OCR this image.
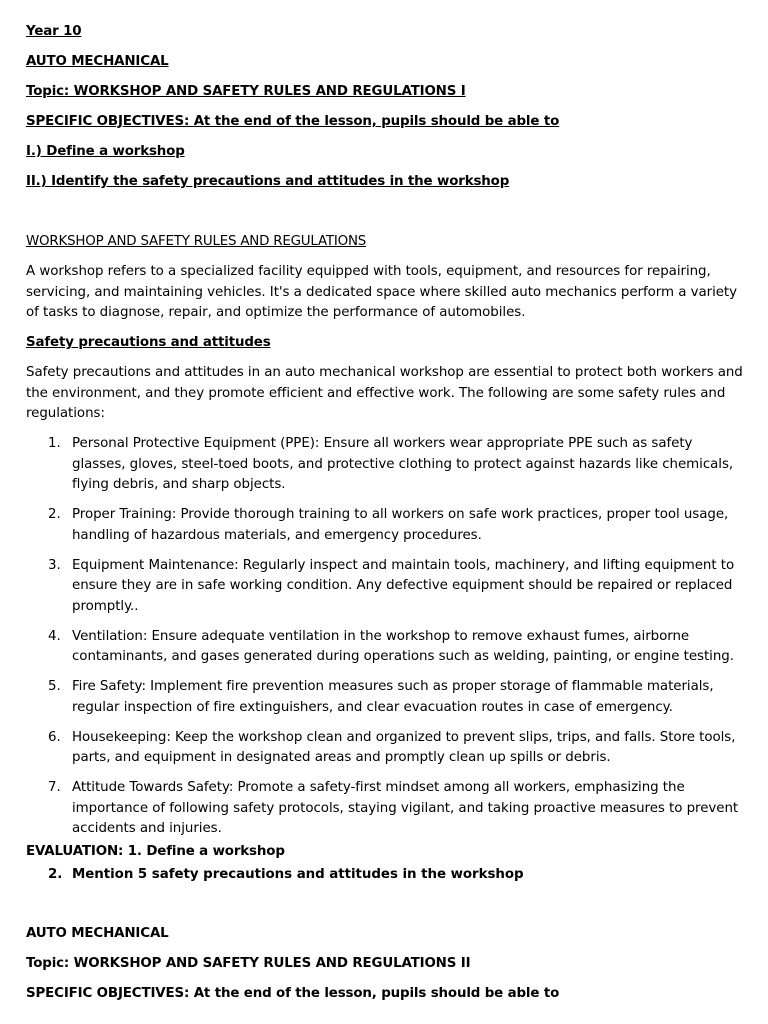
Year 10
AUTO MECHANICAL
Topic: WORKSHOP AND SAFETY RULES AND REGULATIONS I
SPECIFIC OBJECTIVES: At the end of the lesson, pupils should be able to
I.) Define a workshop
II.) Identify the safety precautions and attitudes in the workshop
WORKSHOP AND SAFETY RULES AND REGULATIONS
A workshop refers to a specialized facility equipped with tools, equipment, and resources for repairing, servicing, and maintaining vehicles. It's a dedicated space where skilled auto mechanics perform a variety of tasks to diagnose, repair, and optimize the performance of automobiles.
Safety precautions and attitudes
Safety precautions and attitudes in an auto mechanical workshop are essential to protect both workers and the environment, and they promote efficient and effective work. The following are some safety rules and regulations:
1. Personal Protective Equipment (PPE): Ensure all workers wear appropriate PPE such as safety glasses, gloves, steel-toed boots, and protective clothing to protect against hazards like chemicals, flying debris, and sharp objects.
2. Proper Training: Provide thorough training to all workers on safe work practices, proper tool usage, handling of hazardous materials, and emergency procedures.
3. Equipment Maintenance: Regularly inspect and maintain tools, machinery, and lifting equipment to ensure they are in safe working condition. Any defective equipment should be repaired or replaced promptly..
4. Ventilation: Ensure adequate ventilation in the workshop to remove exhaust fumes, airborne contaminants, and gases generated during operations such as welding, painting, or engine testing.
5. Fire Safety: Implement fire prevention measures such as proper storage of flammable materials, regular inspection of fire extinguishers, and clear evacuation routes in case of emergency.
6. Housekeeping: Keep the workshop clean and organized to prevent slips, trips, and falls. Store tools, parts, and equipment in designated areas and promptly clean up spills or debris.
7. Attitude Towards Safety: Promote a safety-first mindset among all workers, emphasizing the importance of following safety protocols, staying vigilant, and taking proactive measures to prevent accidents and injuries.
EVALUATION: 1. Define a workshop
2. Mention 5 safety precautions and attitudes in the workshop
AUTO MECHANICAL
Topic: WORKSHOP AND SAFETY RULES AND REGULATIONS II
SPECIFIC OBJECTIVES: At the end of the lesson, pupils should be able to
